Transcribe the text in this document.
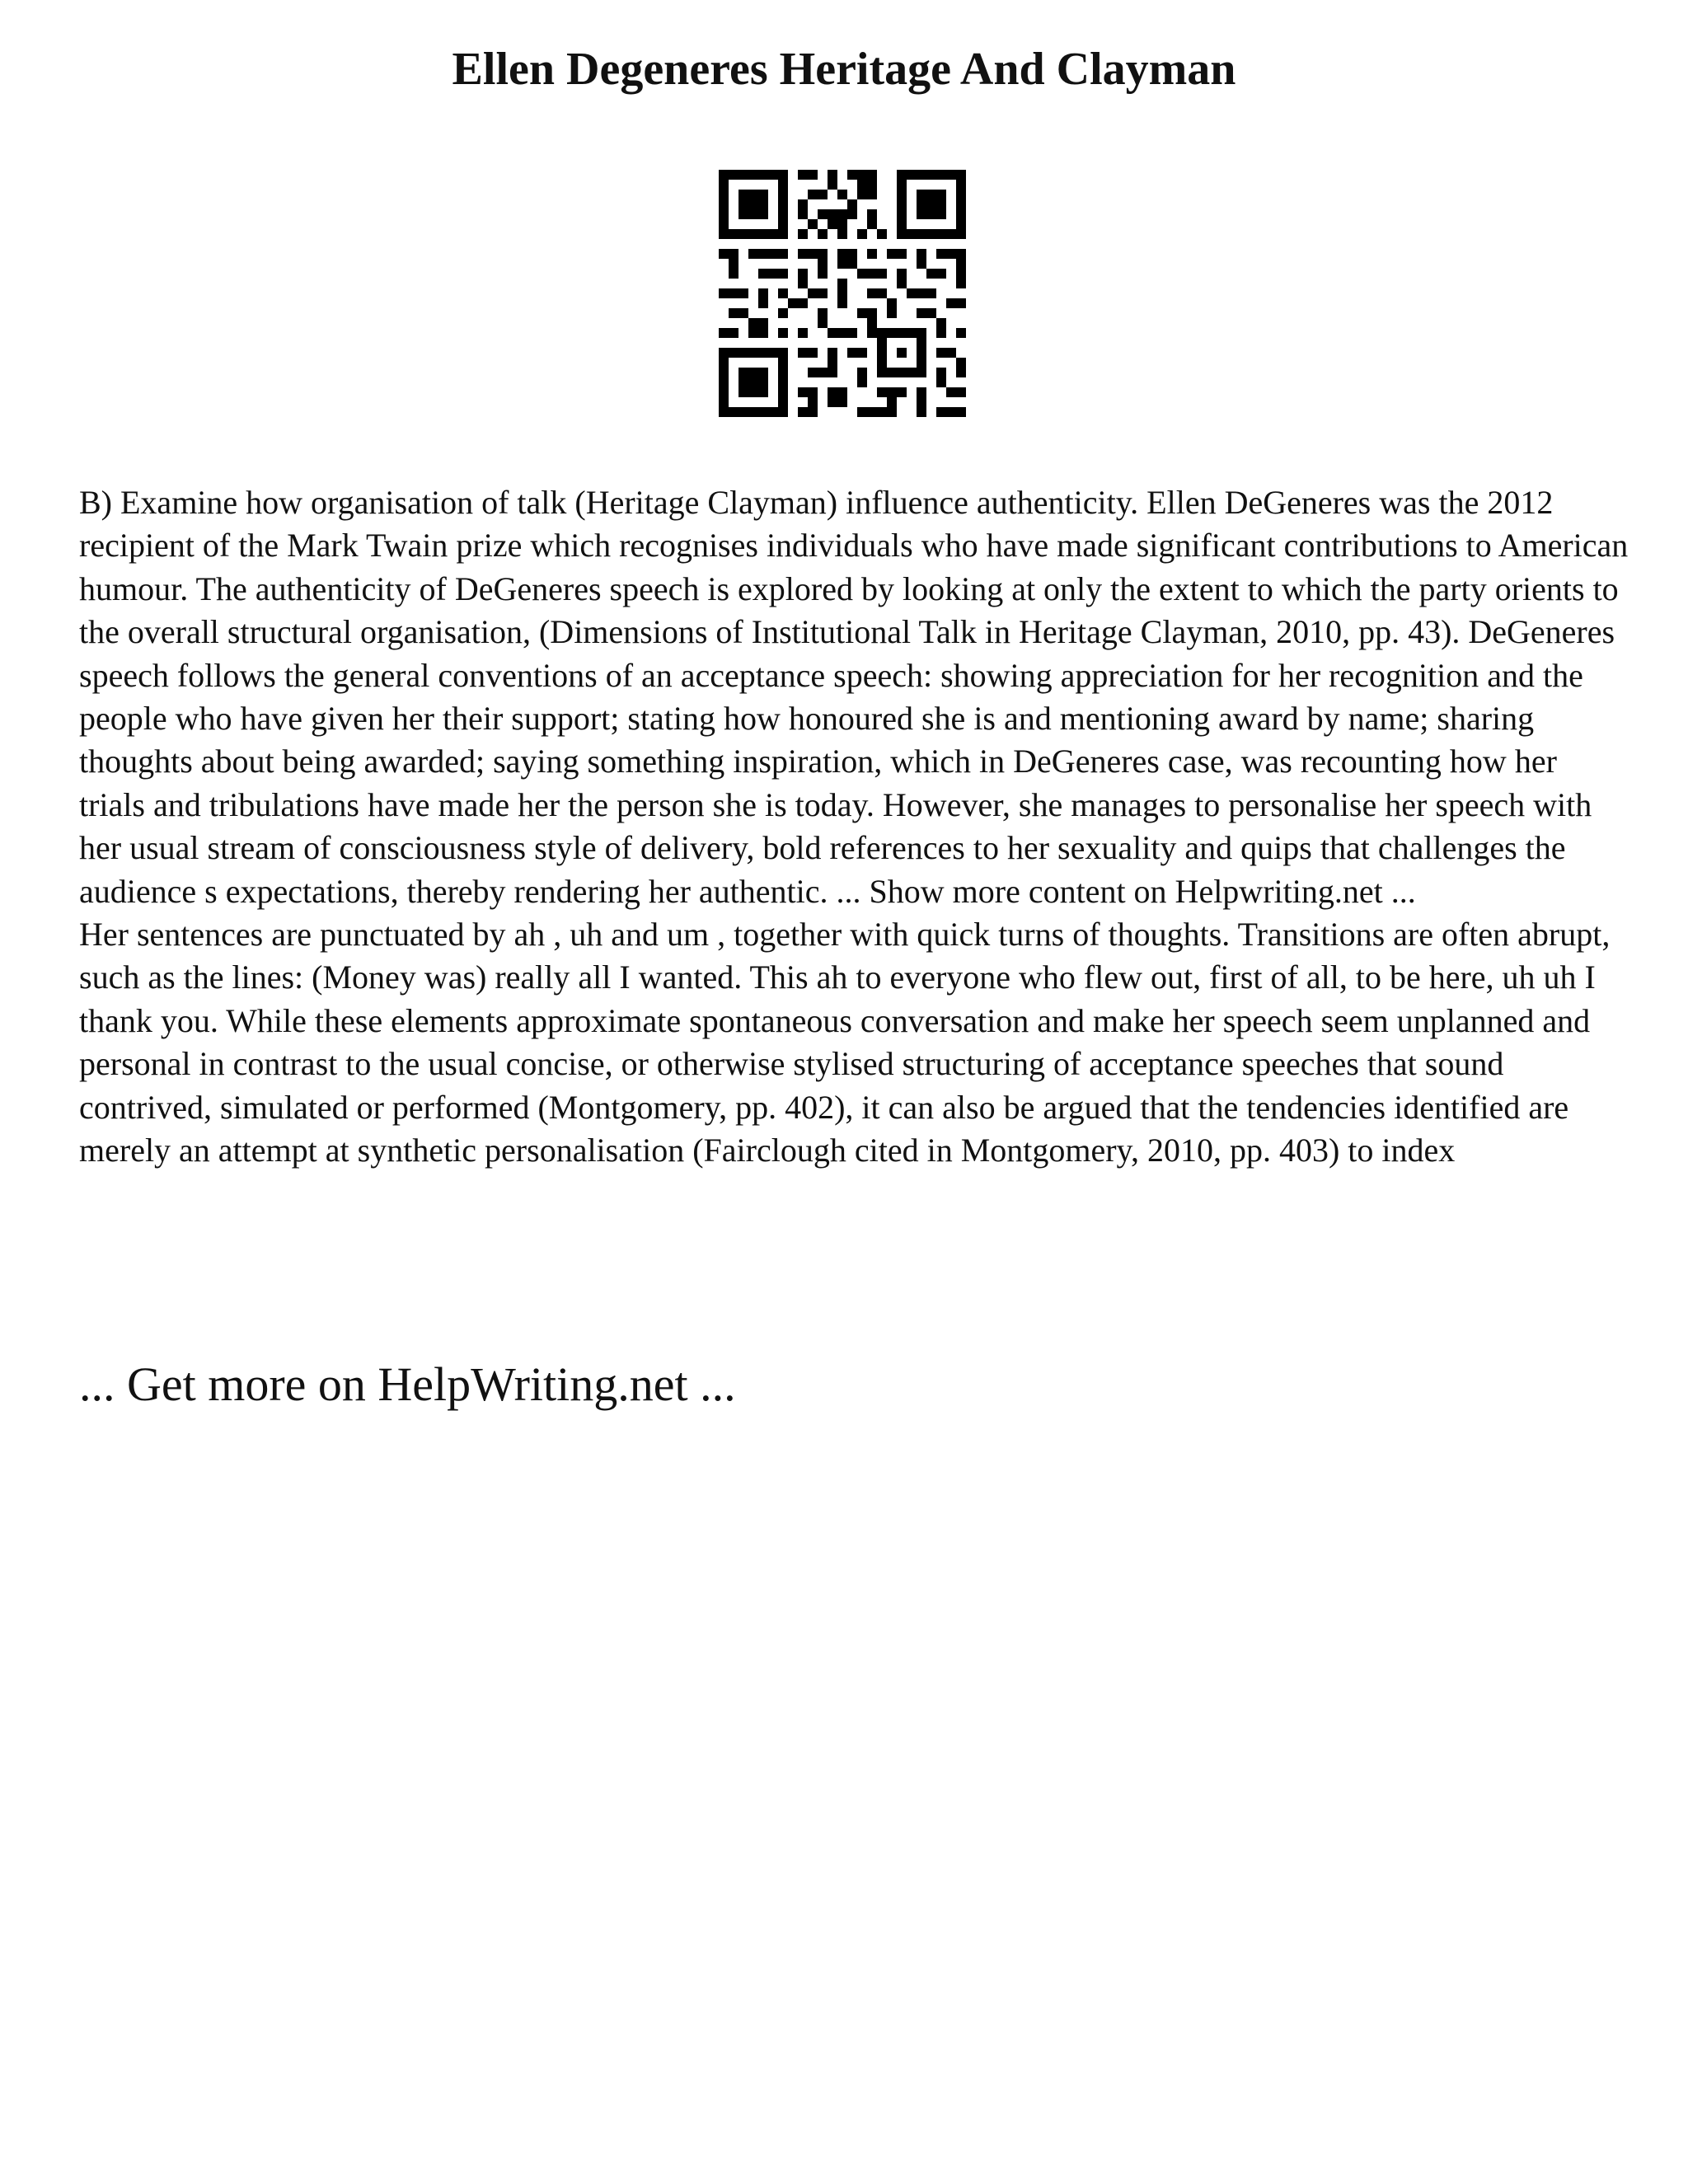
Ellen Degeneres Heritage And Clayman

B) Examine how organisation of talk (Heritage Clayman) influence authenticity. Ellen DeGeneres was the 2012 recipient of the Mark Twain prize which recognises individuals who have made significant contributions to American humour. The authenticity of DeGeneres speech is explored by looking at only the extent to which the party orients to the overall structural organisation, (Dimensions of Institutional Talk in Heritage Clayman, 2010, pp. 43). DeGeneres speech follows the general conventions of an acceptance speech: showing appreciation for her recognition and the people who have given her their support; stating how honoured she is and mentioning award by name; sharing thoughts about being awarded; saying something inspiration, which in DeGeneres case, was recounting how her trials and tribulations have made her the person she is today. However, she manages to personalise her speech with her usual stream of consciousness style of delivery, bold references to her sexuality and quips that challenges the audience s expectations, thereby rendering her authentic. ... Show more content on Helpwriting.net ...

Her sentences are punctuated by ah , uh and um , together with quick turns of thoughts. Transitions are often abrupt, such as the lines: (Money was) really all I wanted. This ah to everyone who flew out, first of all, to be here, uh uh I thank you. While these elements approximate spontaneous conversation and make her speech seem unplanned and personal in contrast to the usual concise, or otherwise stylised structuring of acceptance speeches that sound contrived, simulated or performed (Montgomery, pp. 402), it can also be argued that the tendencies identified are merely an attempt at synthetic personalisation (Fairclough cited in Montgomery, 2010, pp. 403) to index

... Get more on HelpWriting.net ...
